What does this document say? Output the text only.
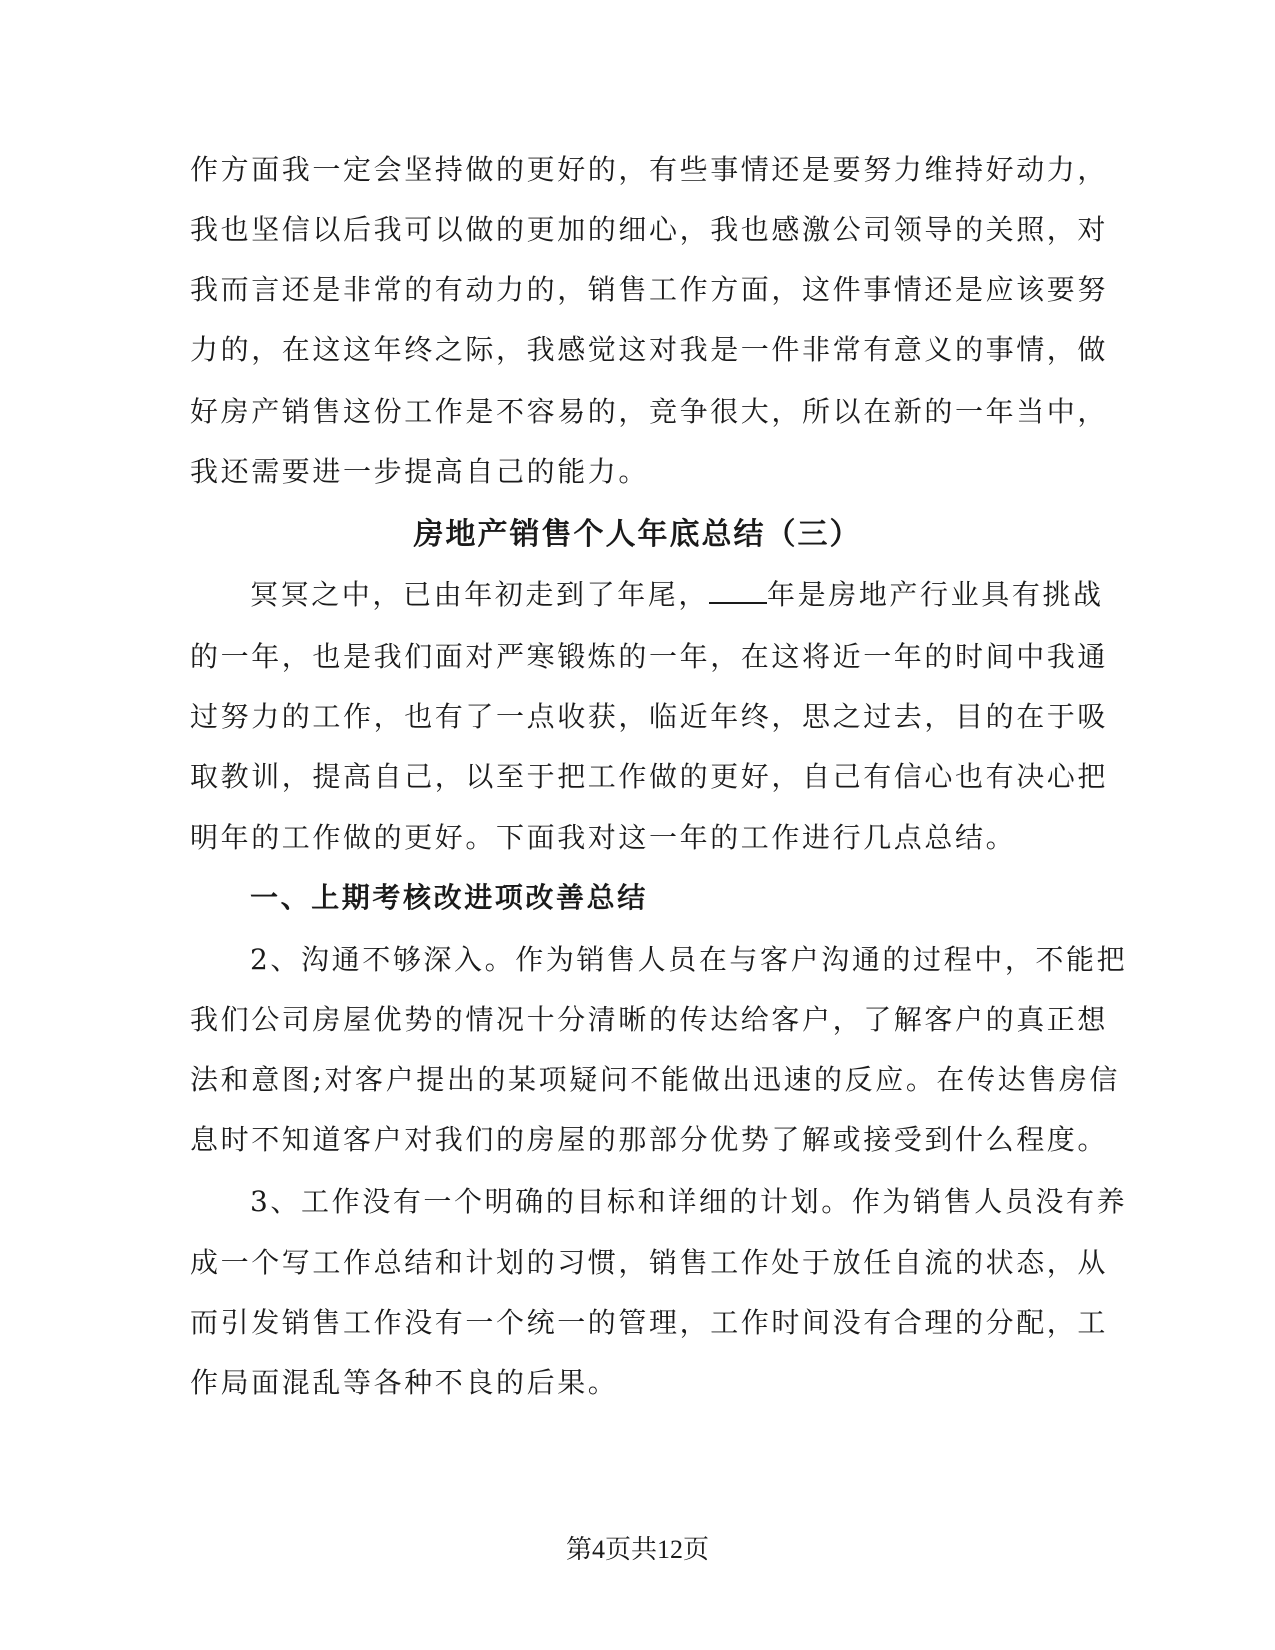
作方面我一定会坚持做的更好的，有些事情还是要努力维持好动力，
我也坚信以后我可以做的更加的细心，我也感激公司领导的关照，对
我而言还是非常的有动力的，销售工作方面，这件事情还是应该要努
力的，在这这年终之际，我感觉这对我是一件非常有意义的事情，做
好房产销售这份工作是不容易的，竞争很大，所以在新的一年当中，
我还需要进一步提高自己的能力。
房地产销售个人年底总结（三）
冥冥之中，已由年初走到了年尾， 年是房地产行业具有挑战
的一年，也是我们面对严寒锻炼的一年，在这将近一年的时间中我通
过努力的工作，也有了一点收获，临近年终，思之过去，目的在于吸
取教训，提高自己，以至于把工作做的更好，自己有信心也有决心把
明年的工作做的更好。下面我对这一年的工作进行几点总结。
一、上期考核改进项改善总结
2、沟通不够深入。作为销售人员在与客户沟通的过程中，不能把
我们公司房屋优势的情况十分清晰的传达给客户，了解客户的真正想
法和意图;对客户提出的某项疑问不能做出迅速的反应。在传达售房信
息时不知道客户对我们的房屋的那部分优势了解或接受到什么程度。
3、工作没有一个明确的目标和详细的计划。作为销售人员没有养
成一个写工作总结和计划的习惯，销售工作处于放任自流的状态，从
而引发销售工作没有一个统一的管理，工作时间没有合理的分配，工
作局面混乱等各种不良的后果。
第4页共12页
